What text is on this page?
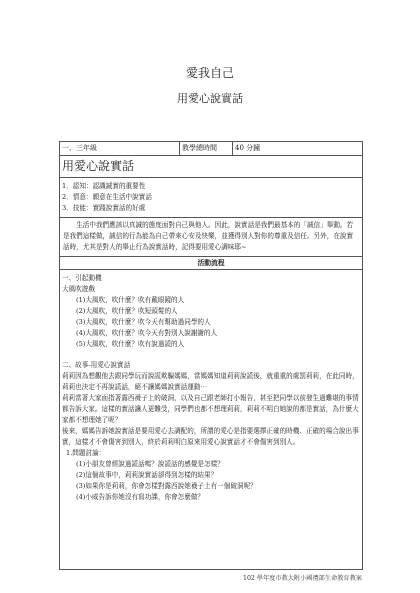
愛我自己
用愛心說實話
一、三年級	教學總時間	40 分鐘
用愛心說實話
1．認知：認識誠實的重要性
2．情意：願意在生活中說實話
3．技能：實踐說實話的好處
生活中我們應該以真誠的態度面對自己與他人。因此，說實話是我們最基本的「誠信」舉動。若是我們這樣做，誠信的行為能為自己帶來心安及快樂，並獲得別人對你的尊重及信任。另外，在說實話時，尤其是對人的舉止行為說實話時，記得要用愛心調味耶~
活動流程
一、引起動機
大風吹遊戲
(1)大風吹，吹什麼？吹有戴眼鏡的人
(2)大風吹，吹什麼？吹短頭髮的人
(3)大風吹，吹什麼？吹今天有幫助過同學的人
(4)大風吹，吹什麼？吹今天有對別人說謝謝的人
(5)大風吹，吹什麼？吹有說過謊的人
二、故事-用愛心說實話
莉莉因為想觀他去跟同學玩而說謊欺騙媽媽，當媽媽知道莉莉說謊後，就重重的處罰莉莉，在此同時，莉莉也決定不再說謊話，絕不讓媽媽說實話運動⋯
莉莉當著大家面指著露西襪子上的破洞，以及自己跟老師打小報告，甚至把同學以前發生過難堪的事情都告訴大家。這樣的實話讓人更難受，同學們也都不想理莉莉，莉莉不明白她說的都是實話，為什麼大家都不想理她了呢？
後來，媽媽告訴她說實話是要用愛心去調配的，所謂的愛心是指要選擇正確的時機、正確的場合說出事實，這樣才不會傷害到別人，終於莉莉明白原來用愛心說實話才不會傷害到別人。
1.問題討論：
(1)小朋友曾經說過謊話嗎？說謊話的感覺是怎樣？
(2)這個故事中，莉莉說實話卻得到怎樣的結果？
(3)如果你是莉莉，你會怎樣對露西說她襪子上有一個破洞呢？
(4)小威告訴你她沒有寫功課，你會怎麼做？
102 學年度市教大附小國禮部生命教育教案
